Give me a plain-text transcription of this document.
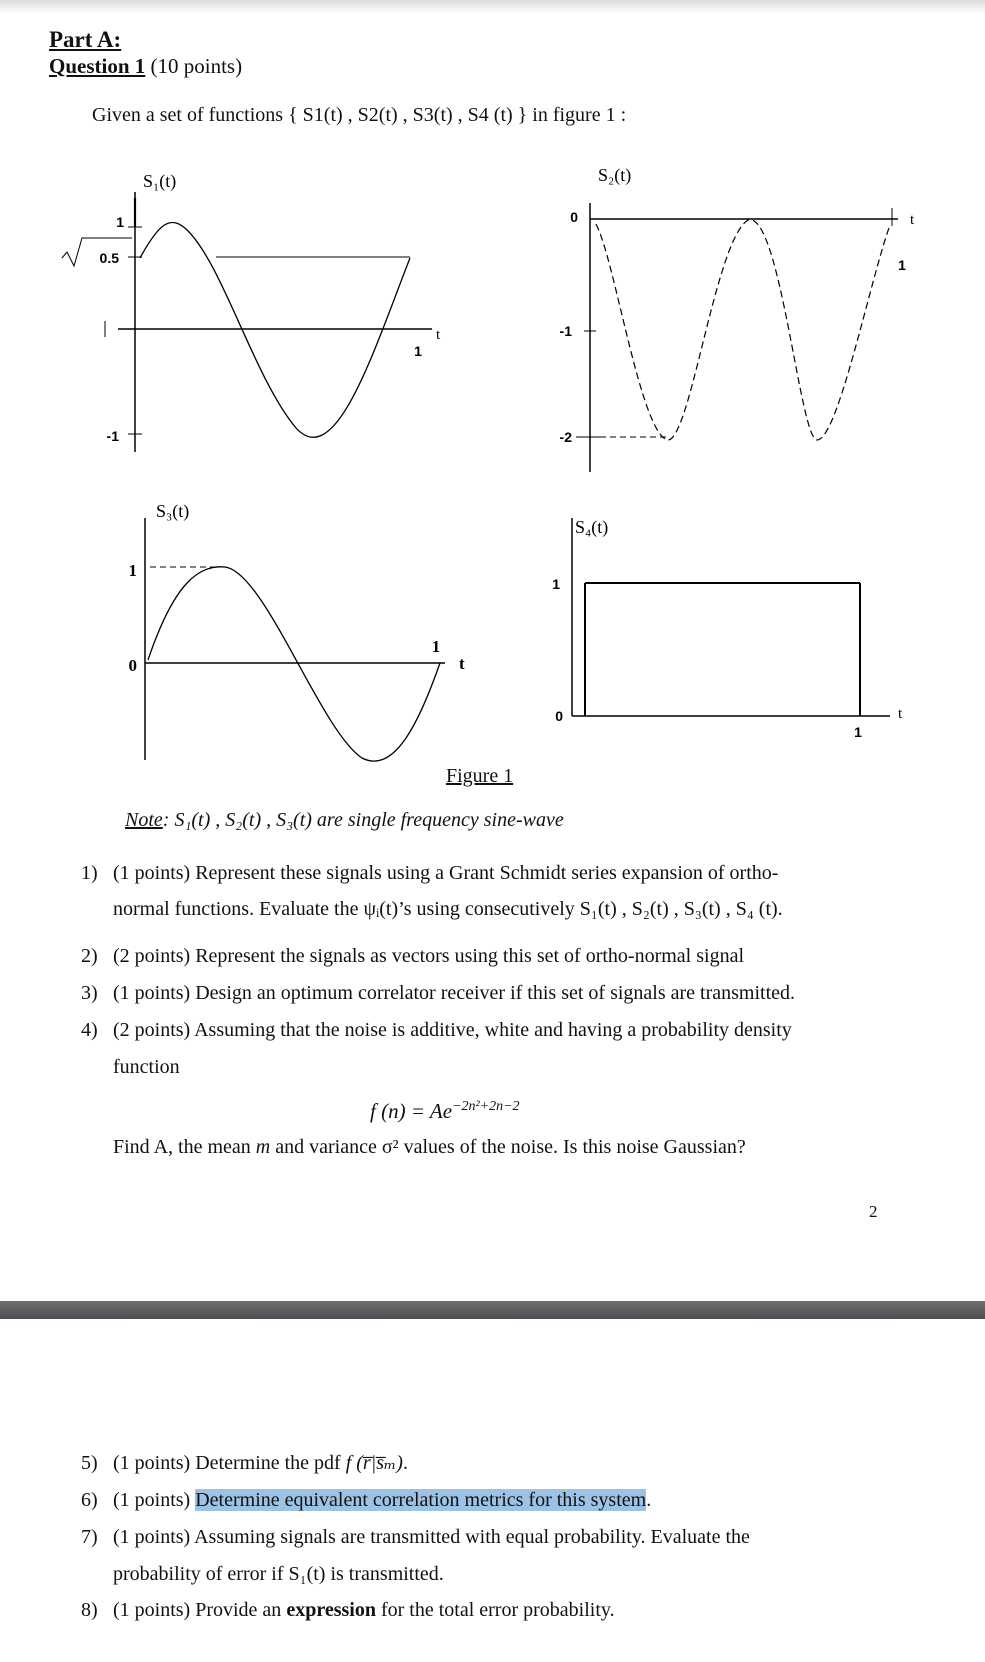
Part A:
Question 1 (10 points)
Given a set of functions { S1(t) , S2(t) , S3(t) , S4 (t) } in figure 1 :
S₁(t)
1
0.5
-1
1
t
S₂(t)
0
-1
-2
1
t
S₃(t)
1
0
1
t
S₄(t)
1
0
1
t
Figure 1
Note: S₁(t) , S₂(t) , S₃(t) are single frequency sine-wave
1) (1 points) Represent these signals using a Grant Schmidt series expansion of ortho-
normal functions. Evaluate the ψᵢ(t)’s using consecutively S₁(t) , S₂(t) , S₃(t) , S₄ (t).
2) (2 points) Represent the signals as vectors using this set of ortho-normal signal
3) (1 points) Design an optimum correlator receiver if this set of signals are transmitted.
4) (2 points) Assuming that the noise is additive, white and having a probability density
function
f $(n) = Ae^{-2n^2+2n-2}$
Find A, the mean m and variance σ² values of the noise. Is this noise Gaussian?
2
5) (1 points) Determine the pdf f (r̅|s̅ₘ).
6) (1 points) Determine equivalent correlation metrics for this system.
7) (1 points) Assuming signals are transmitted with equal probability. Evaluate the
probability of error if S₁(t) is transmitted.
8) (1 points) Provide an expression for the total error probability.
